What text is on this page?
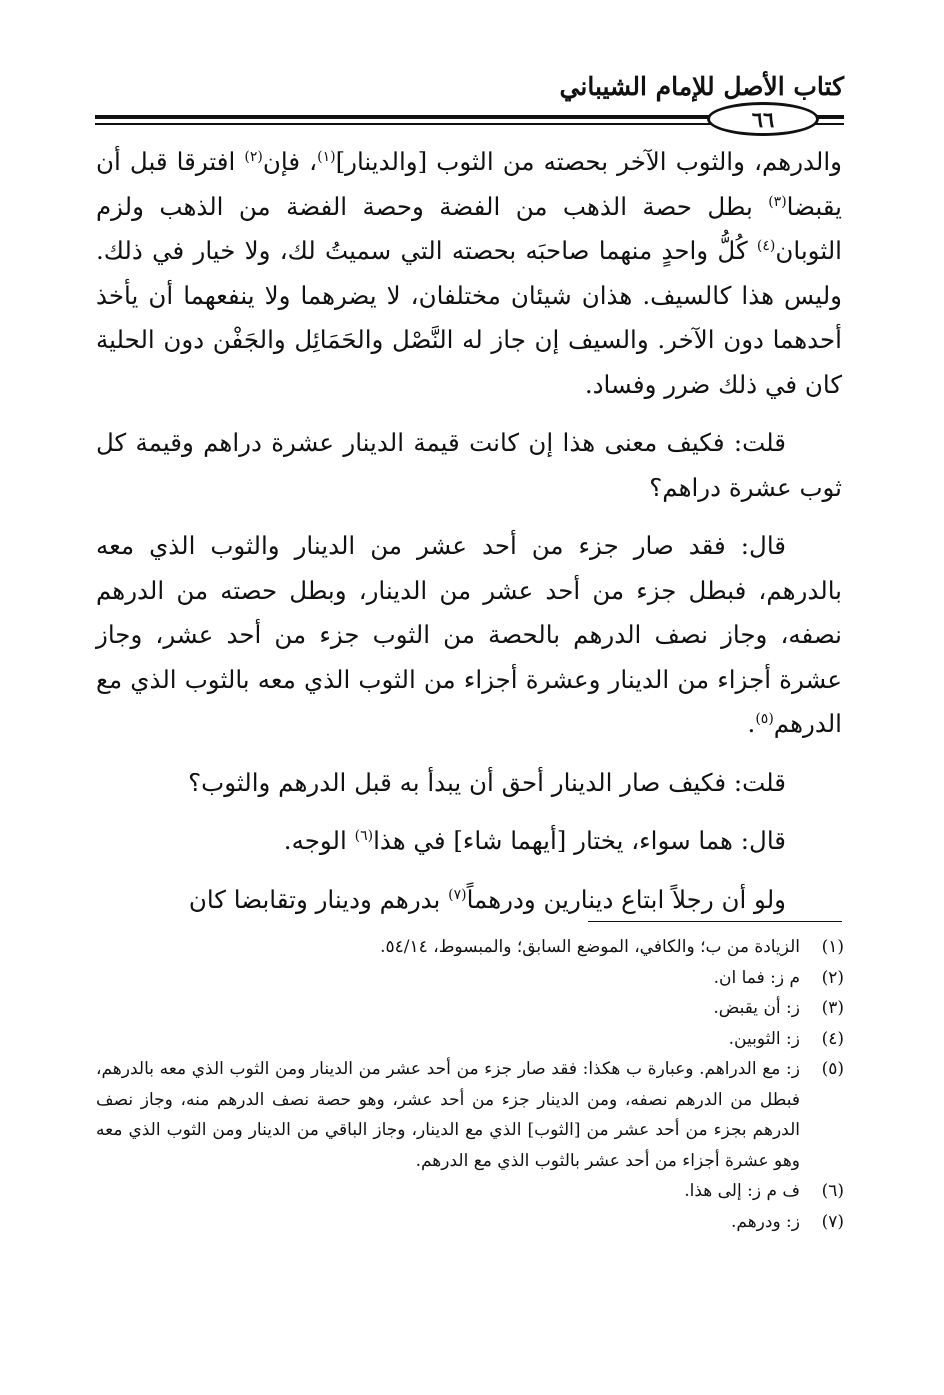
كتاب الأصل للإمام الشيباني
٦٦

والدرهم، والثوب الآخر بحصته من الثوب [والدينار]$^{(١)}$، فإن$^{(٢)}$ افترقا قبل أن يقبضا$^{(٣)}$ بطل حصة الذهب من الفضة وحصة الفضة من الذهب ولزم الثوبان$^{(٤)}$ كُلُّ واحدٍ منهما صاحبَه بحصته التي سميتُ لك، ولا خيار في ذلك. وليس هذا كالسيف. هذان شيئان مختلفان، لا يضرهما ولا ينفعهما أن يأخذ أحدهما دون الآخر. والسيف إن جاز له النَّصْل والحَمَائِل والجَفْن دون الحلية كان في ذلك ضرر وفساد.

قلت: فكيف معنى هذا إن كانت قيمة الدينار عشرة دراهم وقيمة كل ثوب عشرة دراهم؟

قال: فقد صار جزء من أحد عشر من الدينار والثوب الذي معه بالدرهم، فبطل جزء من أحد عشر من الدينار، وبطل حصته من الدرهم نصفه، وجاز نصف الدرهم بالحصة من الثوب جزء من أحد عشر، وجاز عشرة أجزاء من الدينار وعشرة أجزاء من الثوب الذي معه بالثوب الذي مع الدرهم$^{(٥)}$.

قلت: فكيف صار الدينار أحق أن يبدأ به قبل الدرهم والثوب؟

قال: هما سواء، يختار [أيهما شاء] في هذا$^{(٦)}$ الوجه.

ولو أن رجلاً ابتاع دينارين ودرهماً$^{(٧)}$ بدرهم ودينار وتقابضا كان

(١)
الزيادة من ب؛ والكافي، الموضع السابق؛ والمبسوط، ٥٤/١٤.
(٢)
م ز: فما ان.
(٣)
ز: أن يقبض.
(٤)
ز: الثوبين.
(٥)
ز: مع الدراهم. وعبارة ب هكذا: فقد صار جزء من أحد عشر من الدينار ومن الثوب الذي معه بالدرهم، فبطل من الدرهم نصفه، ومن الدينار جزء من أحد عشر، وهو حصة نصف الدرهم منه، وجاز نصف الدرهم بجزء من أحد عشر من [الثوب] الذي مع الدينار، وجاز الباقي من الدينار ومن الثوب الذي معه وهو عشرة أجزاء من أحد عشر بالثوب الذي مع الدرهم.
(٦)
ف م ز: إلى هذا.
(٧)
ز: ودرهم.
